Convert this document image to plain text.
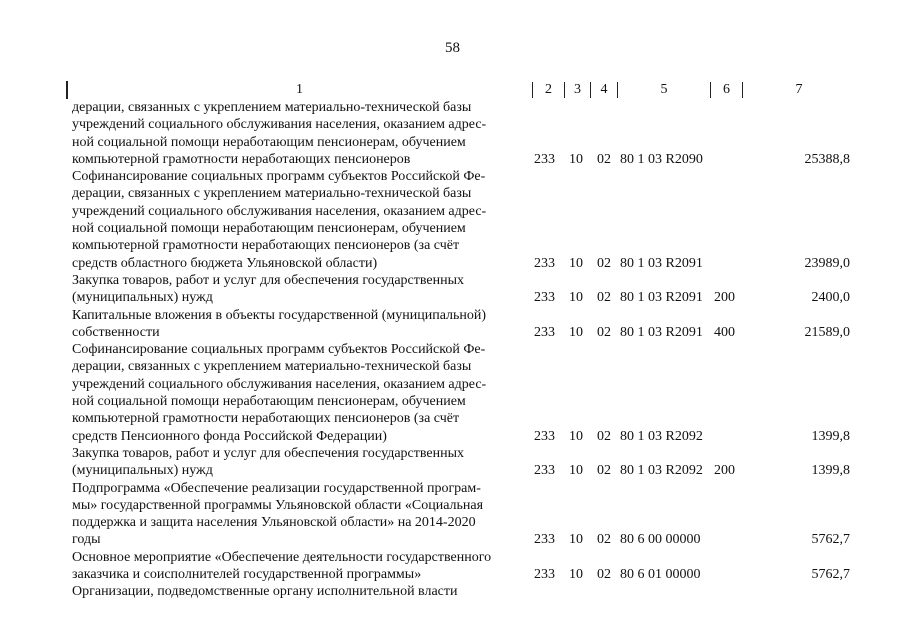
58
1	2	3	4	5	6	7
дерации, связанных с укреплением материально-технической базы
учреждений социального обслуживания населения, оказанием адрес-
ной социальной помощи неработающим пенсионерам, обучением
компьютерной грамотности неработающих пенсионеров	233 10 02 80 1 03 R2090	25388,8
Софинансирование социальных программ субъектов Российской Фе-
дерации, связанных с укреплением материально-технической базы
учреждений социального обслуживания населения, оказанием адрес-
ной социальной помощи неработающим пенсионерам, обучением
компьютерной грамотности неработающих пенсионеров (за счёт
средств областного бюджета Ульяновской области)	233 10 02 80 1 03 R2091	23989,0
Закупка товаров, работ и услуг для обеспечения государственных
(муниципальных) нужд	233 10 02 80 1 03 R2091 200	2400,0
Капитальные вложения в объекты государственной (муниципальной)
собственности	233 10 02 80 1 03 R2091 400	21589,0
Софинансирование социальных программ субъектов Российской Фе-
дерации, связанных с укреплением материально-технической базы
учреждений социального обслуживания населения, оказанием адрес-
ной социальной помощи неработающим пенсионерам, обучением
компьютерной грамотности неработающих пенсионеров (за счёт
средств Пенсионного фонда Российской Федерации)	233 10 02 80 1 03 R2092	1399,8
Закупка товаров, работ и услуг для обеспечения государственных
(муниципальных) нужд	233 10 02 80 1 03 R2092 200	1399,8
Подпрограмма «Обеспечение реализации государственной програм-
мы» государственной программы Ульяновской области «Социальная
поддержка и защита населения Ульяновской области» на 2014-2020
годы	233 10 02 80 6 00 00000	5762,7
Основное мероприятие «Обеспечение деятельности государственного
заказчика и соисполнителей государственной программы»	233 10 02 80 6 01 00000	5762,7
Организации, подведомственные органу исполнительной власти
